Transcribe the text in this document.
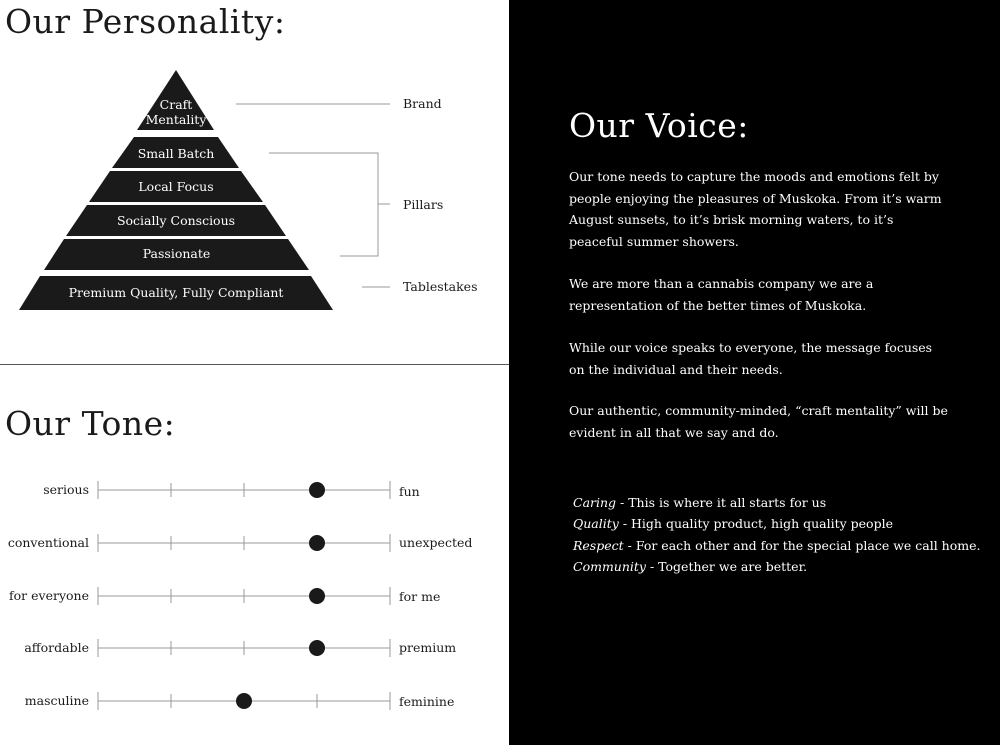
Our Personality:
Craft
Mentality
Small Batch
Local Focus
Socially Conscious
Passionate
Premium Quality, Fully Compliant
Brand
Pillars
Tablestakes
Our Tone:
serious	fun
conventional	unexpected
for everyone	for me
affordable	premium
masculine	feminine
Our Voice:

Our tone needs to capture the moods and emotions felt by people enjoying the pleasures of Muskoka. From it’s warm August sunsets, to it’s brisk morning waters, to it’s peaceful summer showers.

We are more than a cannabis company we are a representation of the better times of Muskoka.

While our voice speaks to everyone, the message focuses on the individual and their needs.

Our authentic, community-minded, “craft mentality” will be evident in all that we say and do.

Caring - This is where it all starts for us
Quality - High quality product, high quality people
Respect - For each other and for the special place we call home.
Community - Together we are better.
